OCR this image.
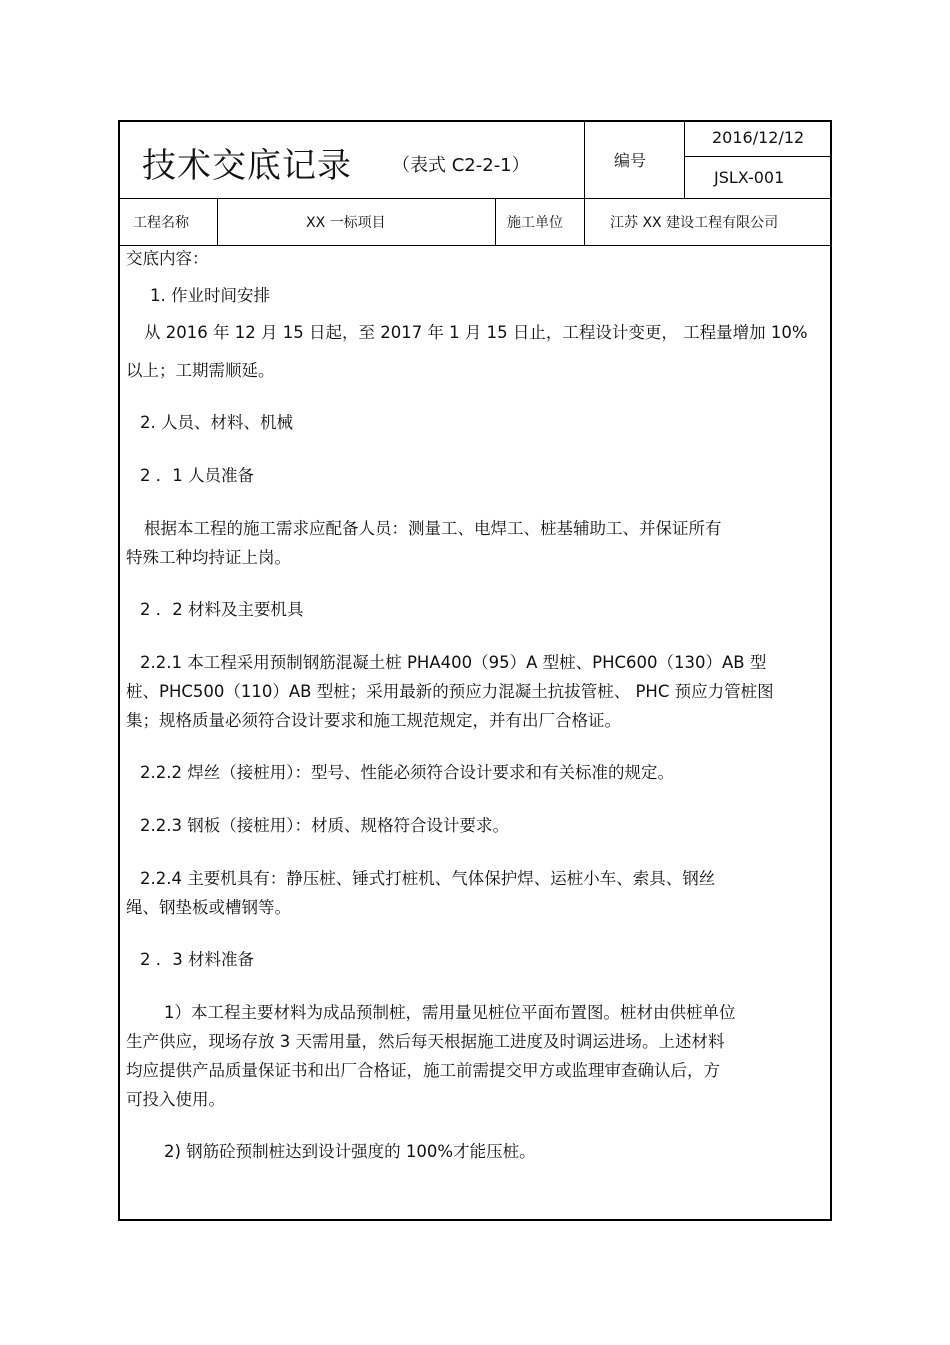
技术交底记录 （表式 C2-2-1）	编号
2016/12/12
JSLX-001
工程名称	XX 一标项目	施工单位	江苏 XX 建设工程有限公司
交底内容：
1. 作业时间安排
从 2016 年 12 月 15 日起，至 2017 年 1 月 15 日止，工程设计变更， 工程量增加 10%
以上；工期需顺延。
2. 人员、材料、机械
2 ．1 人员准备
根据本工程的施工需求应配备人员：测量工、电焊工、桩基辅助工、并保证所有
特殊工种均持证上岗。
2 ．2 材料及主要机具
2.2.1 本工程采用预制钢筋混凝土桩 PHA400（95）A 型桩、PHC600（130）AB 型
桩、PHC500（110）AB 型桩；采用最新的预应力混凝土抗拔管桩、 PHC 预应力管桩图
集；规格质量必须符合设计要求和施工规范规定，并有出厂合格证。
2.2.2 焊丝（接桩用）：型号、性能必须符合设计要求和有关标准的规定。
2.2.3 钢板（接桩用）：材质、规格符合设计要求。
2.2.4 主要机具有：静压桩、锤式打桩机、气体保护焊、运桩小车、索具、钢丝
绳、钢垫板或槽钢等。
2 ．3 材料准备
1）本工程主要材料为成品预制桩，需用量见桩位平面布置图。桩材由供桩单位
生产供应，现场存放 3 天需用量，然后每天根据施工进度及时调运进场。上述材料
均应提供产品质量保证书和出厂合格证，施工前需提交甲方或监理审查确认后，方
可投入使用。
2) 钢筋砼预制桩达到设计强度的 100%才能压桩。
